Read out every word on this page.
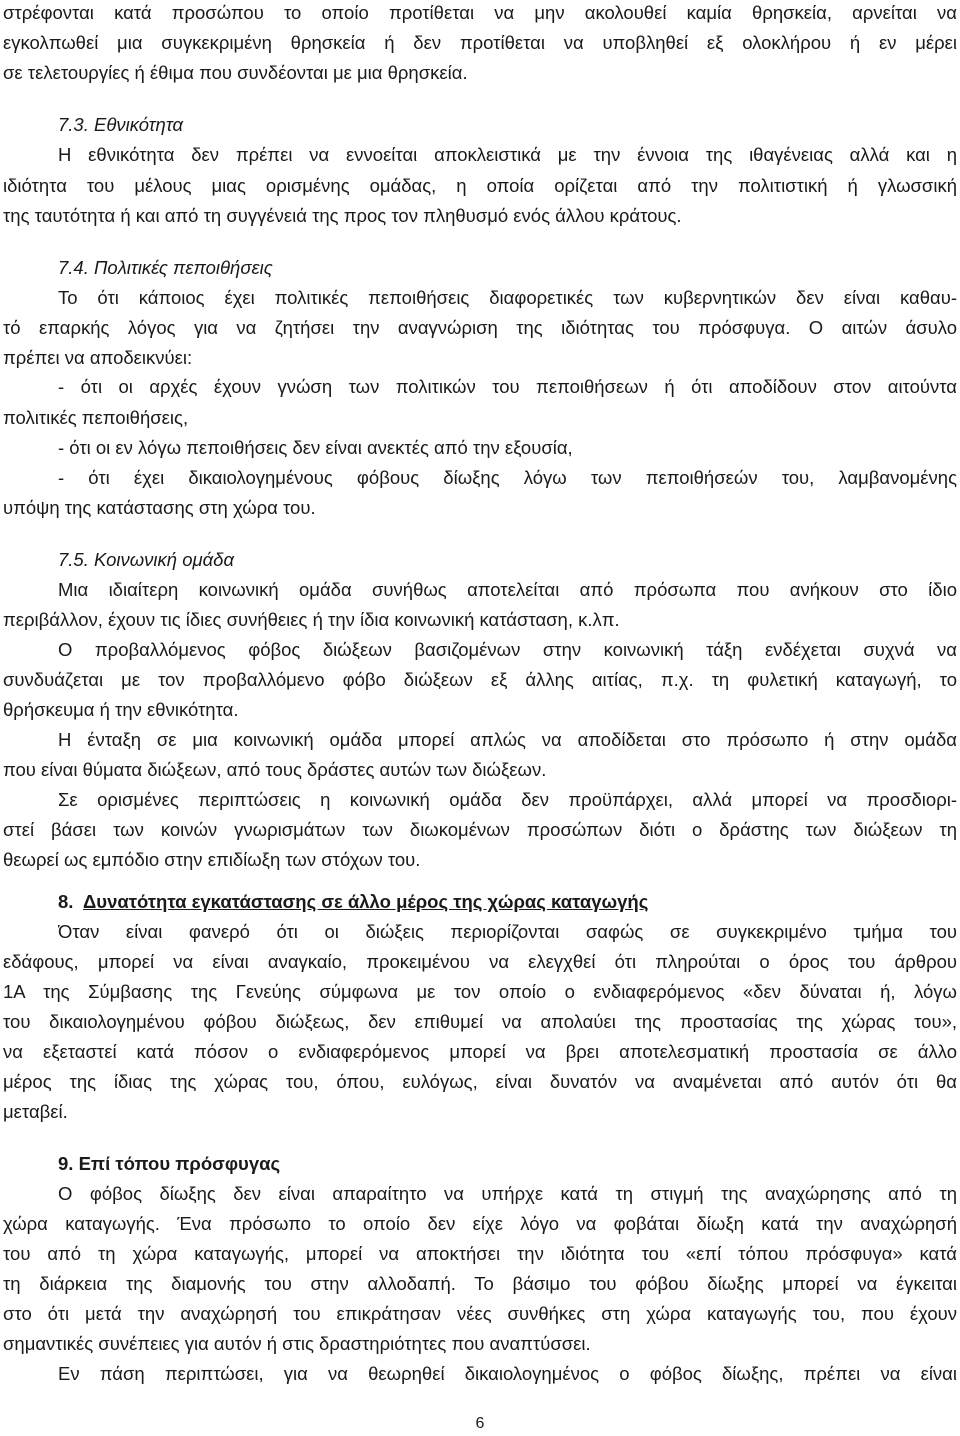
στρέφονται κατά προσώπου το οποίο προτίθεται να μην ακολουθεί καμία θρησκεία, αρνείται να
εγκολπωθεί μια συγκεκριμένη θρησκεία ή δεν προτίθεται να υποβληθεί εξ ολοκλήρου ή εν μέρει
σε τελετουργίες ή έθιμα που συνδέονται με μια θρησκεία.
7.3. Εθνικότητα
Η εθνικότητα δεν πρέπει να εννοείται αποκλειστικά με την έννοια της ιθαγένειας αλλά και η
ιδιότητα του μέλους μιας ορισμένης ομάδας, η οποία ορίζεται από την πολιτιστική ή γλωσσική
της ταυτότητα ή και από τη συγγένειά της προς τον πληθυσμό ενός άλλου κράτους.
7.4. Πολιτικές πεποιθήσεις
Το ότι κάποιος έχει πολιτικές πεποιθήσεις διαφορετικές των κυβερνητικών δεν είναι καθαυ-
τό επαρκής λόγος για να ζητήσει την αναγνώριση της ιδιότητας του πρόσφυγα. Ο αιτών άσυλο
πρέπει να αποδεικνύει:
- ότι οι αρχές έχουν γνώση των πολιτικών του πεποιθήσεων ή ότι αποδίδουν στον αιτούντα
πολιτικές πεποιθήσεις,
- ότι οι εν λόγω πεποιθήσεις δεν είναι ανεκτές από την εξουσία,
- ότι έχει δικαιολογημένους φόβους δίωξης λόγω των πεποιθήσεών του, λαμβανομένης
υπόψη της κατάστασης στη χώρα του.
7.5. Κοινωνική ομάδα
Μια ιδιαίτερη κοινωνική ομάδα συνήθως αποτελείται από πρόσωπα που ανήκουν στο ίδιο
περιβάλλον, έχουν τις ίδιες συνήθειες ή την ίδια κοινωνική κατάσταση, κ.λπ.
Ο προβαλλόμενος φόβος διώξεων βασιζομένων στην κοινωνική τάξη ενδέχεται συχνά να
συνδυάζεται με τον προβαλλόμενο φόβο διώξεων εξ άλλης αιτίας, π.χ. τη φυλετική καταγωγή, το
θρήσκευμα ή την εθνικότητα.
Η ένταξη σε μια κοινωνική ομάδα μπορεί απλώς να αποδίδεται στο πρόσωπο ή στην ομάδα
που είναι θύματα διώξεων, από τους δράστες αυτών των διώξεων.
Σε ορισμένες περιπτώσεις η κοινωνική ομάδα δεν προϋπάρχει, αλλά μπορεί να προσδιορι-
στεί βάσει των κοινών γνωρισμάτων των διωκομένων προσώπων διότι ο δράστης των διώξεων τη
θεωρεί ως εμπόδιο στην επιδίωξη των στόχων του.
8. Δυνατότητα εγκατάστασης σε άλλο μέρος της χώρας καταγωγής
Όταν είναι φανερό ότι οι διώξεις περιορίζονται σαφώς σε συγκεκριμένο τμήμα του
εδάφους, μπορεί να είναι αναγκαίο, προκειμένου να ελεγχθεί ότι πληρούται ο όρος του άρθρου
1Α της Σύμβασης της Γενεύης σύμφωνα με τον οποίο ο ενδιαφερόμενος «δεν δύναται ή, λόγω
του δικαιολογημένου φόβου διώξεως, δεν επιθυμεί να απολαύει της προστασίας της χώρας του»,
να εξεταστεί κατά πόσον ο ενδιαφερόμενος μπορεί να βρει αποτελεσματική προστασία σε άλλο
μέρος της ίδιας της χώρας του, όπου, ευλόγως, είναι δυνατόν να αναμένεται από αυτόν ότι θα
μεταβεί.
9. Επί τόπου πρόσφυγας
Ο φόβος δίωξης δεν είναι απαραίτητο να υπήρχε κατά τη στιγμή της αναχώρησης από τη
χώρα καταγωγής. Ένα πρόσωπο το οποίο δεν είχε λόγο να φοβάται δίωξη κατά την αναχώρησή
του από τη χώρα καταγωγής, μπορεί να αποκτήσει την ιδιότητα του «επί τόπου πρόσφυγα» κατά
τη διάρκεια της διαμονής του στην αλλοδαπή. Το βάσιμο του φόβου δίωξης μπορεί να έγκειται
στο ότι μετά την αναχώρησή του επικράτησαν νέες συνθήκες στη χώρα καταγωγής του, που έχουν
σημαντικές συνέπειες για αυτόν ή στις δραστηριότητες που αναπτύσσει.
Εν πάση περιπτώσει, για να θεωρηθεί δικαιολογημένος ο φόβος δίωξης, πρέπει να είναι
6
